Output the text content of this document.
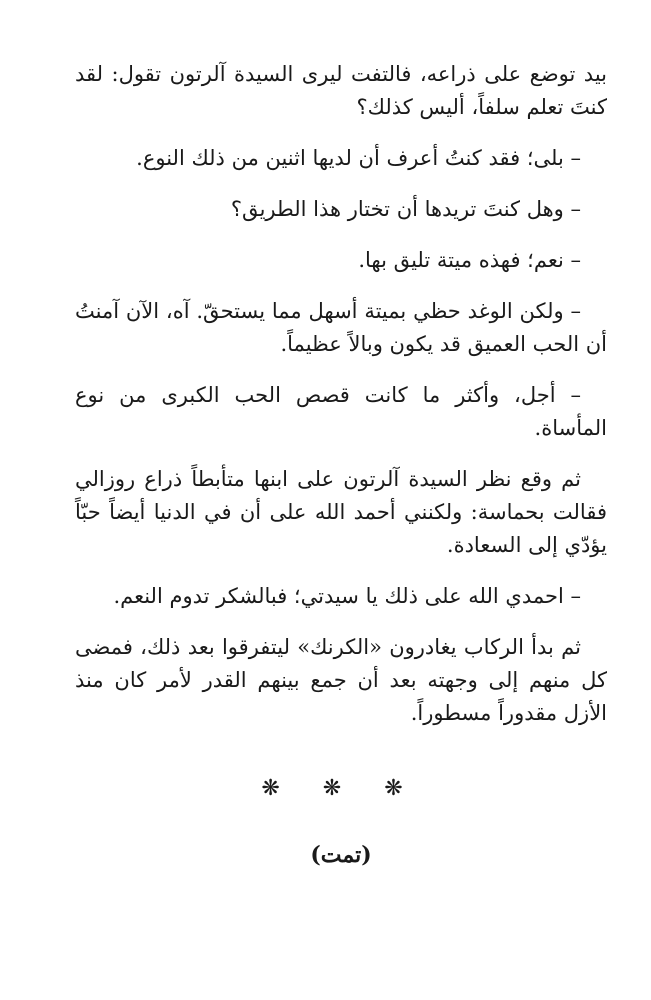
بيد توضع على ذراعه، فالتفت ليرى السيدة آلرتون تقول: لقد كنتَ تعلم سلفاً، أليس كذلك؟

– بلى؛ فقد كنتُ أعرف أن لديها اثنين من ذلك النوع.

– وهل كنتَ تريدها أن تختار هذا الطريق؟

– نعم؛ فهذه ميتة تليق بها.

– ولكن الوغد حظي بميتة أسهل مما يستحقّ. آه، الآن آمنتُ أن الحب العميق قد يكون وبالاً عظيماً.

– أجل، وأكثر ما كانت قصص الحب الكبرى من نوع المأساة.

ثم وقع نظر السيدة آلرتون على ابنها متأبطاً ذراع روزالي فقالت بحماسة: ولكنني أحمد الله على أن في الدنيا أيضاً حبّاً يؤدّي إلى السعادة.

– احمدي الله على ذلك يا سيدتي؛ فبالشكر تدوم النعم.

ثم بدأ الركاب يغادرون «الكرنك» ليتفرقوا بعد ذلك، فمضى كل منهم إلى وجهته بعد أن جمع بينهم القدر لأمر كان منذ الأزل مقدوراً مسطوراً.

❋ ❋ ❋
(تمت)
